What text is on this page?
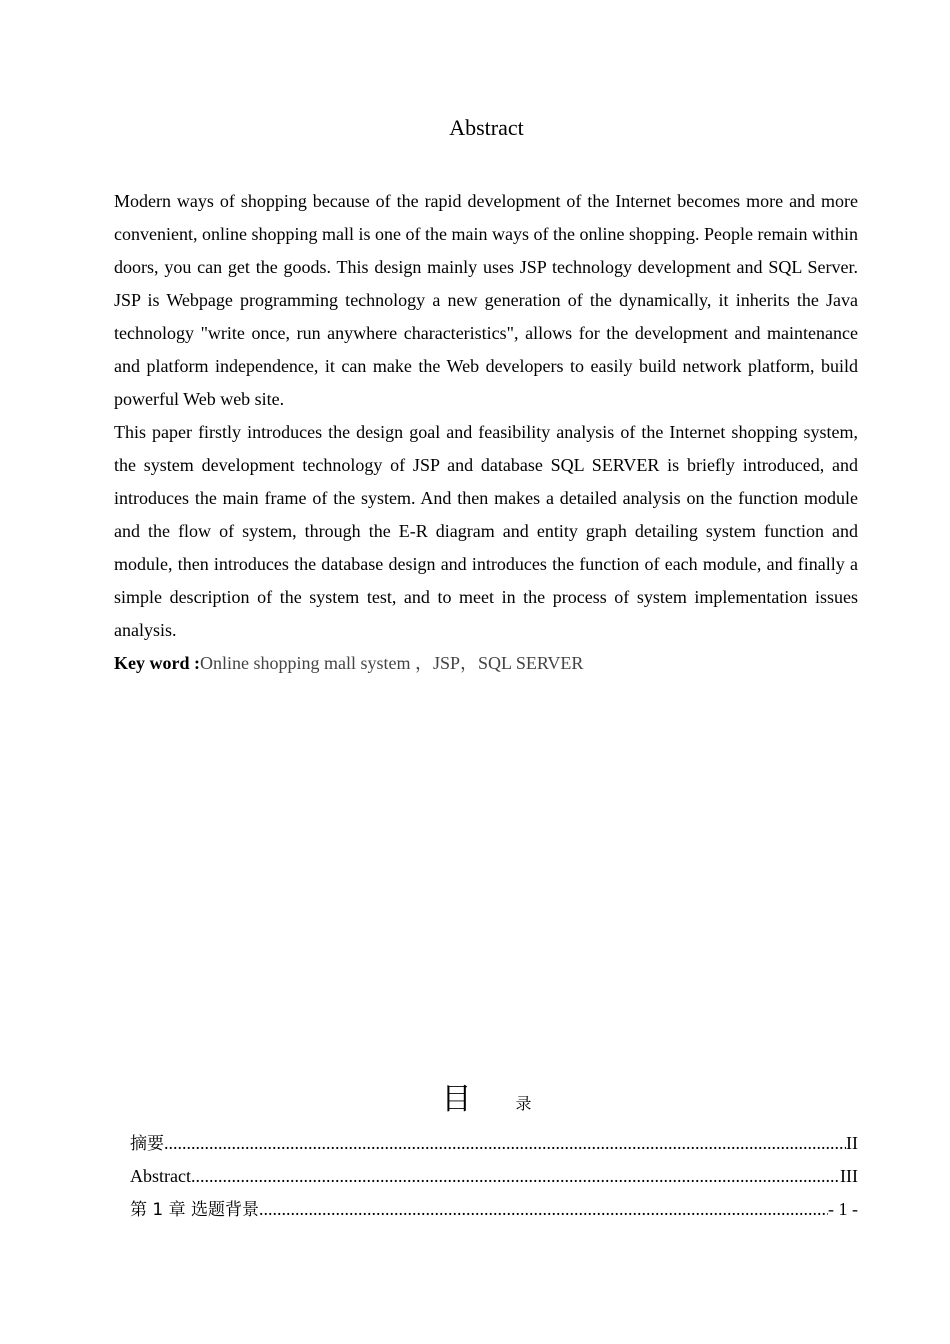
Abstract

Modern ways of shopping because of the rapid development of the Internet becomes more and more convenient, online shopping mall is one of the main ways of the online shopping. People remain within doors, you can get the goods. This design mainly uses JSP technology development and SQL Server. JSP is Webpage programming technology a new generation of the dynamically, it inherits the Java technology "write once, run anywhere characteristics", allows for the development and maintenance and platform independence, it can make the Web developers to easily build network platform, build powerful Web web site.

This paper firstly introduces the design goal and feasibility analysis of the Internet shopping system, the system development technology of JSP and database SQL SERVER is briefly introduced, and introduces the main frame of the system. And then makes a detailed analysis on the function module and the flow of system, through the E-R diagram and entity graph detailing system function and module, then introduces the database design and introduces the function of each module, and finally a simple description of the system test, and to meet in the process of system implementation issues analysis.

Key word :Online shopping mall system ，JSP，SQL SERVER

目	录
摘要 .....	II
Abstract .....	III
第 1 章 选题背景 .....	- 1 -
